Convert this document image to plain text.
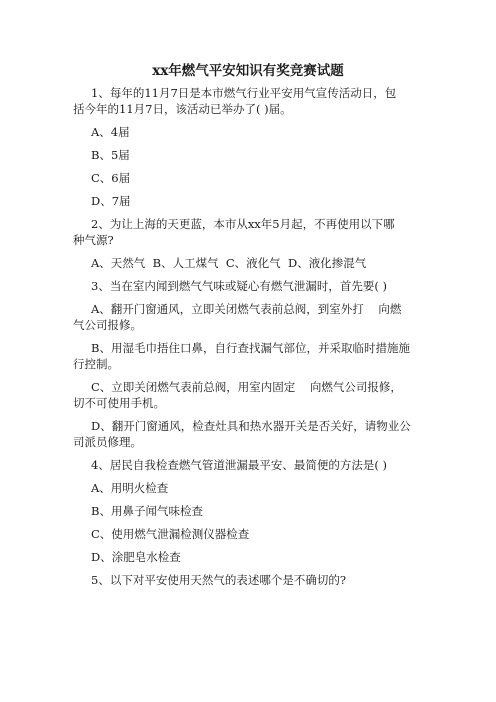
xx年燃气平安知识有奖竞赛试题
1、每年的11月7日是本市燃气行业平安用气宣传活动日，包
括今年的11月7日，该活动已举办了( )届。
A、4届
B、5届
C、6届
D、7届
2、为让上海的天更蓝，本市从xx年5月起，不再使用以下哪
种气源?
A、天然气  B、人工煤气  C、液化气  D、液化掺混气
3、当在室内闻到燃气气味或疑心有燃气泄漏时，首先要( )
A、翻开门窗通风，立即关闭燃气表前总阀，到室外打    向燃
气公司报修。
B、用湿毛巾捂住口鼻，自行查找漏气部位，并采取临时措施施
行控制。
C、立即关闭燃气表前总阀，用室内固定    向燃气公司报修，
切不可使用手机。
D、翻开门窗通风，检查灶具和热水器开关是否关好，请物业公
司派员修理。
4、居民自我检查燃气管道泄漏最平安、最简便的方法是( )
A、用明火检查
B、用鼻子闻气味检查
C、使用燃气泄漏检测仪器检查
D、涂肥皂水检查
5、以下对平安使用天然气的表述哪个是不确切的?
